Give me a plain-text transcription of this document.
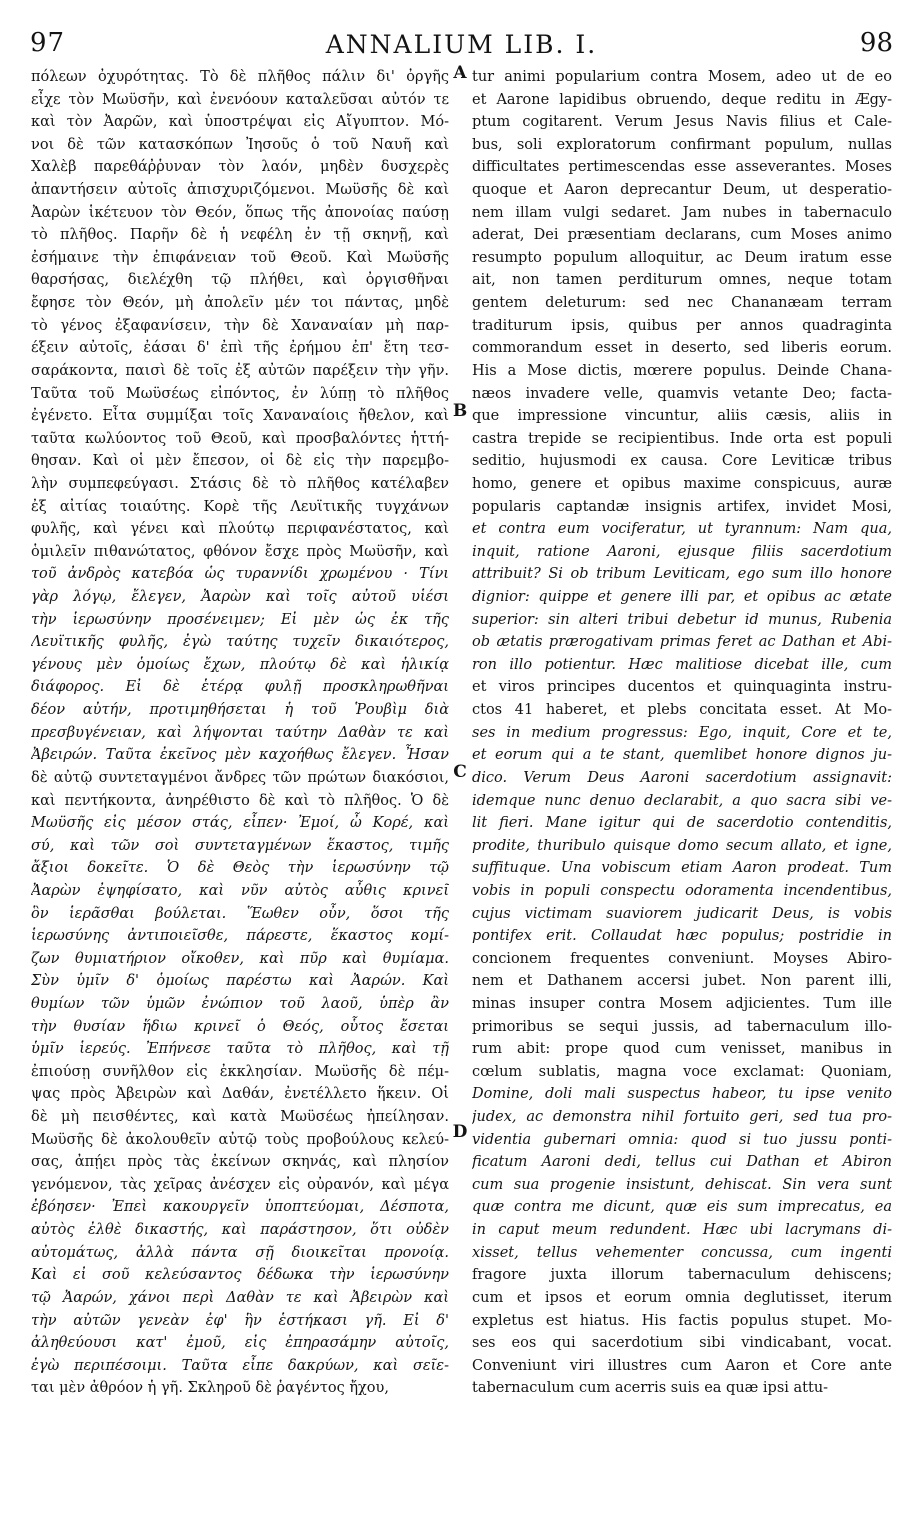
97	ANNALIUM LIB. I.	98
πόλεων ὀχυρότητας. Τὸ δὲ πλῆθος πάλιν δι' ὀργῆς
εἶχε τὸν Μωϋσῆν, καὶ ἐνενόουν καταλεῦσαι αὐτόν τε
καὶ τὸν Ἀαρῶν, καὶ ὑποστρέψαι εἰς Αἴγυπτον. Μό-
νοι δὲ τῶν κατασκόπων Ἰησοῦς ὁ τοῦ Ναυῆ καὶ
Χαλὲβ παρεθάῤῥυναν τὸν λαόν, μηδὲν δυσχερὲς
ἀπαντήσειν αὐτοῖς ἀπισχυριζόμενοι. Μωϋσῆς δὲ καὶ
Ἀαρὼν ἱκέτευον τὸν Θεόν, ὅπως τῆς ἀπονοίας παύσῃ
τὸ πλῆθος. Παρῆν δὲ ἡ νεφέλη ἐν τῇ σκηνῇ, καὶ
ἐσήμαινε τὴν ἐπιφάνειαν τοῦ Θεοῦ. Καὶ Μωϋσῆς
θαρσήσας, διελέχθη τῷ πλήθει, καὶ ὀργισθῆναι
ἔφησε τὸν Θεόν, μὴ ἀπολεῖν μέν τοι πάντας, μηδὲ
τὸ γένος ἐξαφανίσειν, τὴν δὲ Χαναναίαν μὴ παρ-
έξειν αὐτοῖς, ἐάσαι δ' ἐπὶ τῆς ἐρήμου ἐπ' ἔτη τεσ-
σαράκοντα, παισὶ δὲ τοῖς ἐξ αὐτῶν παρέξειν τὴν γῆν.
Ταῦτα τοῦ Μωϋσέως εἰπόντος, ἐν λύπῃ τὸ πλῆθος
ἐγένετο. Εἶτα συμμίξαι τοῖς Χαναναίοις ἤθελον, καὶ
ταῦτα κωλύοντος τοῦ Θεοῦ, καὶ προσβαλόντες ἡττή-
θησαν. Καὶ οἱ μὲν ἔπεσον, οἱ δὲ εἰς τὴν παρεμβο-
λὴν συμπεφεύγασι. Στάσις δὲ τὸ πλῆθος κατέλαβεν
ἐξ αἰτίας τοιαύτης. Κορὲ τῆς Λευϊτικῆς τυγχάνων
φυλῆς, καὶ γένει καὶ πλούτῳ περιφανέστατος, καὶ
ὁμιλεῖν πιθανώτατος, φθόνον ἔσχε πρὸς Μωϋσῆν, καὶ
τοῦ ἀνδρὸς κατεβόα ὡς τυραννίδι χρωμένου · Τίνι
γὰρ λόγῳ, ἔλεγεν, Ἀαρὼν καὶ τοῖς αὐτοῦ υἱέσι
τὴν ἱερωσύνην προσένειμεν; Εἰ μὲν ὡς ἐκ τῆς
Λευϊτικῆς φυλῆς, ἐγὼ ταύτης τυχεῖν δικαιότερος,
γένους μὲν ὁμοίως ἔχων, πλούτῳ δὲ καὶ ἡλικίᾳ
διάφορος. Εἰ δὲ ἑτέρᾳ φυλῇ προσκληρωθῆναι
δέον αὐτήν, προτιμηθήσεται ἡ τοῦ Ῥουβὶμ διὰ
πρεσβυγένειαν, καὶ λήψονται ταύτην Δαθὰν τε καὶ
Ἀβειρών. Ταῦτα ἐκεῖνος μὲν καχοήθως ἔλεγεν. Ἦσαν
δὲ αὐτῷ συντεταγμένοι ἄνδρες τῶν πρώτων διακόσιοι,
καὶ πεντήκοντα, ἀνηρέθιστο δὲ καὶ τὸ πλῆθος. Ὁ δὲ
Μωϋσῆς εἰς μέσον στάς, εἶπεν· Ἐμοί, ὦ Κορέ, καὶ
σύ, καὶ τῶν σοὶ συντεταγμένων ἕκαστος, τιμῆς
ἄξιοι δοκεῖτε. Ὁ δὲ Θεὸς τὴν ἱερωσύνην τῷ
Ἀαρὼν ἐψηφίσατο, καὶ νῦν αὐτὸς αὖθις κρινεῖ
ὃν ἱερᾶσθαι βούλεται. Ἕωθεν οὖν, ὅσοι τῆς
ἱερωσύνης ἀντιποιεῖσθε, πάρεστε, ἕκαστος κομί-
ζων θυμιατήριον οἴκοθεν, καὶ πῦρ καὶ θυμίαμα.
Σὺν ὑμῖν δ' ὁμοίως παρέστω καὶ Ἀαρών. Καὶ
θυμίων τῶν ὑμῶν ἐνώπιον τοῦ λαοῦ, ὑπὲρ ἂν
τὴν θυσίαν ἥδιω κρινεῖ ὁ Θεός, οὗτος ἔσεται
ὑμῖν ἱερεύς. Ἐπήνεσε ταῦτα τὸ πλῆθος, καὶ τῇ
ἐπιούσῃ συνῆλθον εἰς ἐκκλησίαν. Μωϋσῆς δὲ πέμ-
ψας πρὸς Ἀβειρὼν καὶ Δαθάν, ἐνετέλλετο ἥκειν. Οἱ
δὲ μὴ πεισθέντες, καὶ κατὰ Μωϋσέως ἠπείλησαν.
Μωϋσῆς δὲ ἀκολουθεῖν αὐτῷ τοὺς προβούλους κελεύ-
σας, ἀπῄει πρὸς τὰς ἐκείνων σκηνάς, καὶ πλησίον
γενόμενον, τὰς χεῖρας ἀνέσχεν εἰς οὐρανόν, καὶ μέγα
ἐβόησεν· Ἐπεὶ κακουργεῖν ὑποπτεύομαι, Δέσποτα,
αὐτὸς ἐλθὲ δικαστής, καὶ παράστησον, ὅτι οὐδὲν
αὐτομάτως, ἀλλὰ πάντα σῇ διοικεῖται προνοίᾳ.
Καὶ εἰ σοῦ κελεύσαντος δέδωκα τὴν ἱερωσύνην
τῷ Ἀαρών, χάνοι περὶ Δαθὰν τε καὶ Ἀβειρὼν καὶ
τὴν αὐτῶν γενεὰν ἐφ' ἣν ἑστήκασι γῆ. Εἰ δ'
ἀληθεύουσι κατ' ἐμοῦ, εἰς ἐπηρασάμην αὐτοῖς,
ἐγὼ περιπέσοιμι. Ταῦτα εἶπε δακρύων, καὶ σεῖε-
ται μὲν ἀθρόον ἡ γῆ. Σκληροῦ δὲ ῥαγέντος ἤχου,
tur animi popularium contra Mosem, adeo ut de eo
et Aarone lapidibus obruendo, deque reditu in Ægy-
ptum cogitarent. Verum Jesus Navis filius et Cale-
bus, soli exploratorum confirmant populum, nullas
difficultates pertimescendas esse asseverantes. Moses
quoque et Aaron deprecantur Deum, ut desperatio-
nem illam vulgi sedaret. Jam nubes in tabernaculo
aderat, Dei præsentiam declarans, cum Moses animo
resumpto populum alloquitur, ac Deum iratum esse
ait, non tamen perditurum omnes, neque totam
gentem deleturum: sed nec Chananæam terram
traditurum ipsis, quibus per annos quadraginta
commorandum esset in deserto, sed liberis eorum.
His a Mose dictis, mœrere populus. Deinde Chana-
næos invadere velle, quamvis vetante Deo; facta-
que impressione vincuntur, aliis cæsis, aliis in
castra trepide se recipientibus. Inde orta est populi
seditio, hujusmodi ex causa. Core Leviticæ tribus
homo, genere et opibus maxime conspicuus, auræ
popularis captandæ insignis artifex, invidet Mosi,
et contra eum vociferatur, ut tyrannum: Nam qua,
inquit, ratione Aaroni, ejusque filiis sacerdotium
attribuit? Si ob tribum Leviticam, ego sum illo honore
dignior: quippe et genere illi par, et opibus ac ætate
superior: sin alteri tribui debetur id munus, Rubenia
ob ætatis prærogativam primas feret ac Dathan et Abi-
ron illo potientur. Hæc malitiose dicebat ille, cum
et viros principes ducentos et quinquaginta instru-
ctos 41 haberet, et plebs concitata esset. At Mo-
ses in medium progressus: Ego, inquit, Core et te,
et eorum qui a te stant, quemlibet honore dignos ju-
dico. Verum Deus Aaroni sacerdotium assignavit:
idemque nunc denuo declarabit, a quo sacra sibi ve-
lit fieri. Mane igitur qui de sacerdotio contenditis,
prodite, thuribulo quisque domo secum allato, et igne,
suffituque. Una vobiscum etiam Aaron prodeat. Tum
vobis in populi conspectu odoramenta incendentibus,
cujus victimam suaviorem judicarit Deus, is vobis
pontifex erit. Collaudat hæc populus; postridie in
concionem frequentes conveniunt. Moyses Abiro-
nem et Dathanem accersi jubet. Non parent illi,
minas insuper contra Mosem adjicientes. Tum ille
primoribus se sequi jussis, ad tabernaculum illo-
rum abit: prope quod cum venisset, manibus in
cœlum sublatis, magna voce exclamat: Quoniam,
Domine, doli mali suspectus habeor, tu ipse venito
judex, ac demonstra nihil fortuito geri, sed tua pro-
videntia gubernari omnia: quod si tuo jussu ponti-
ficatum Aaroni dedi, tellus cui Dathan et Abiron
cum sua progenie insistunt, dehiscat. Sin vera sunt
quæ contra me dicunt, quæ eis sum imprecatus, ea
in caput meum redundent. Hæc ubi lacrymans di-
xisset, tellus vehementer concussa, cum ingenti
fragore juxta illorum tabernaculum dehiscens;
cum et ipsos et eorum omnia deglutisset, iterum
expletus est hiatus. His factis populus stupet. Mo-
ses eos qui sacerdotium sibi vindicabant, vocat.
Conveniunt viri illustres cum Aaron et Core ante
tabernaculum cum acerris suis ea quæ ipsi attu-
A
B
C
D
